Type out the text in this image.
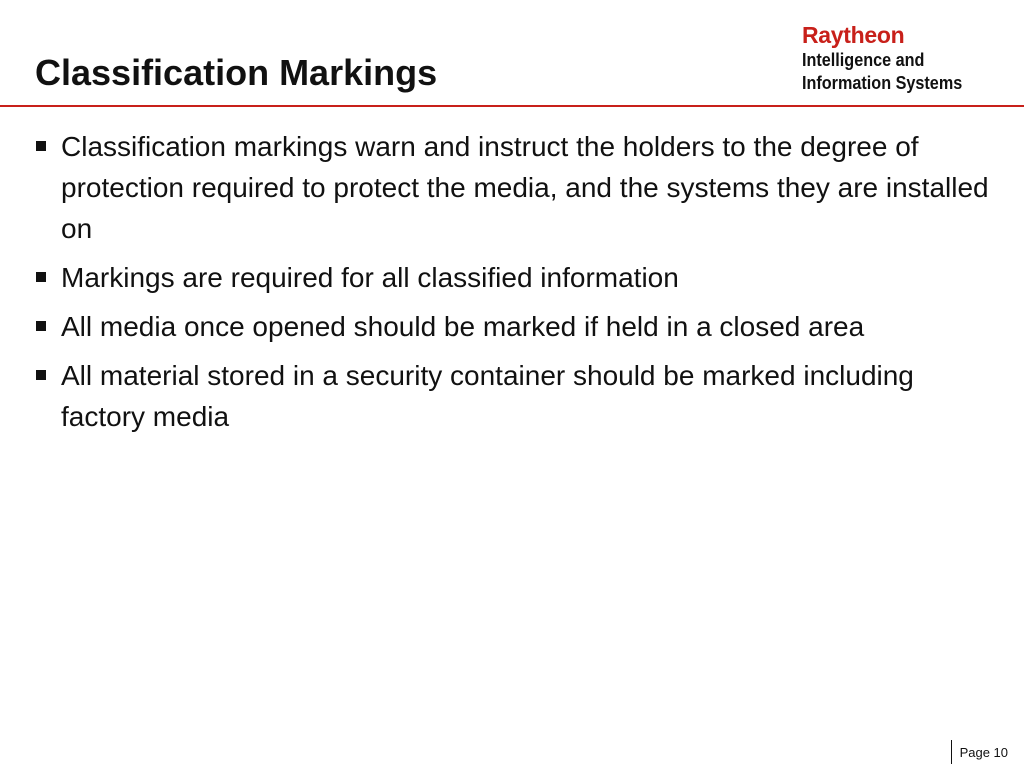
Classification Markings
Raytheon
Intelligence and
Information Systems
Classification markings warn and instruct the holders to the degree of protection required to protect the media, and the systems they are installed on
Markings are required for all classified information
All media once opened should be marked if held in a closed area
All material stored in a security container should be marked including factory media
Page 10
